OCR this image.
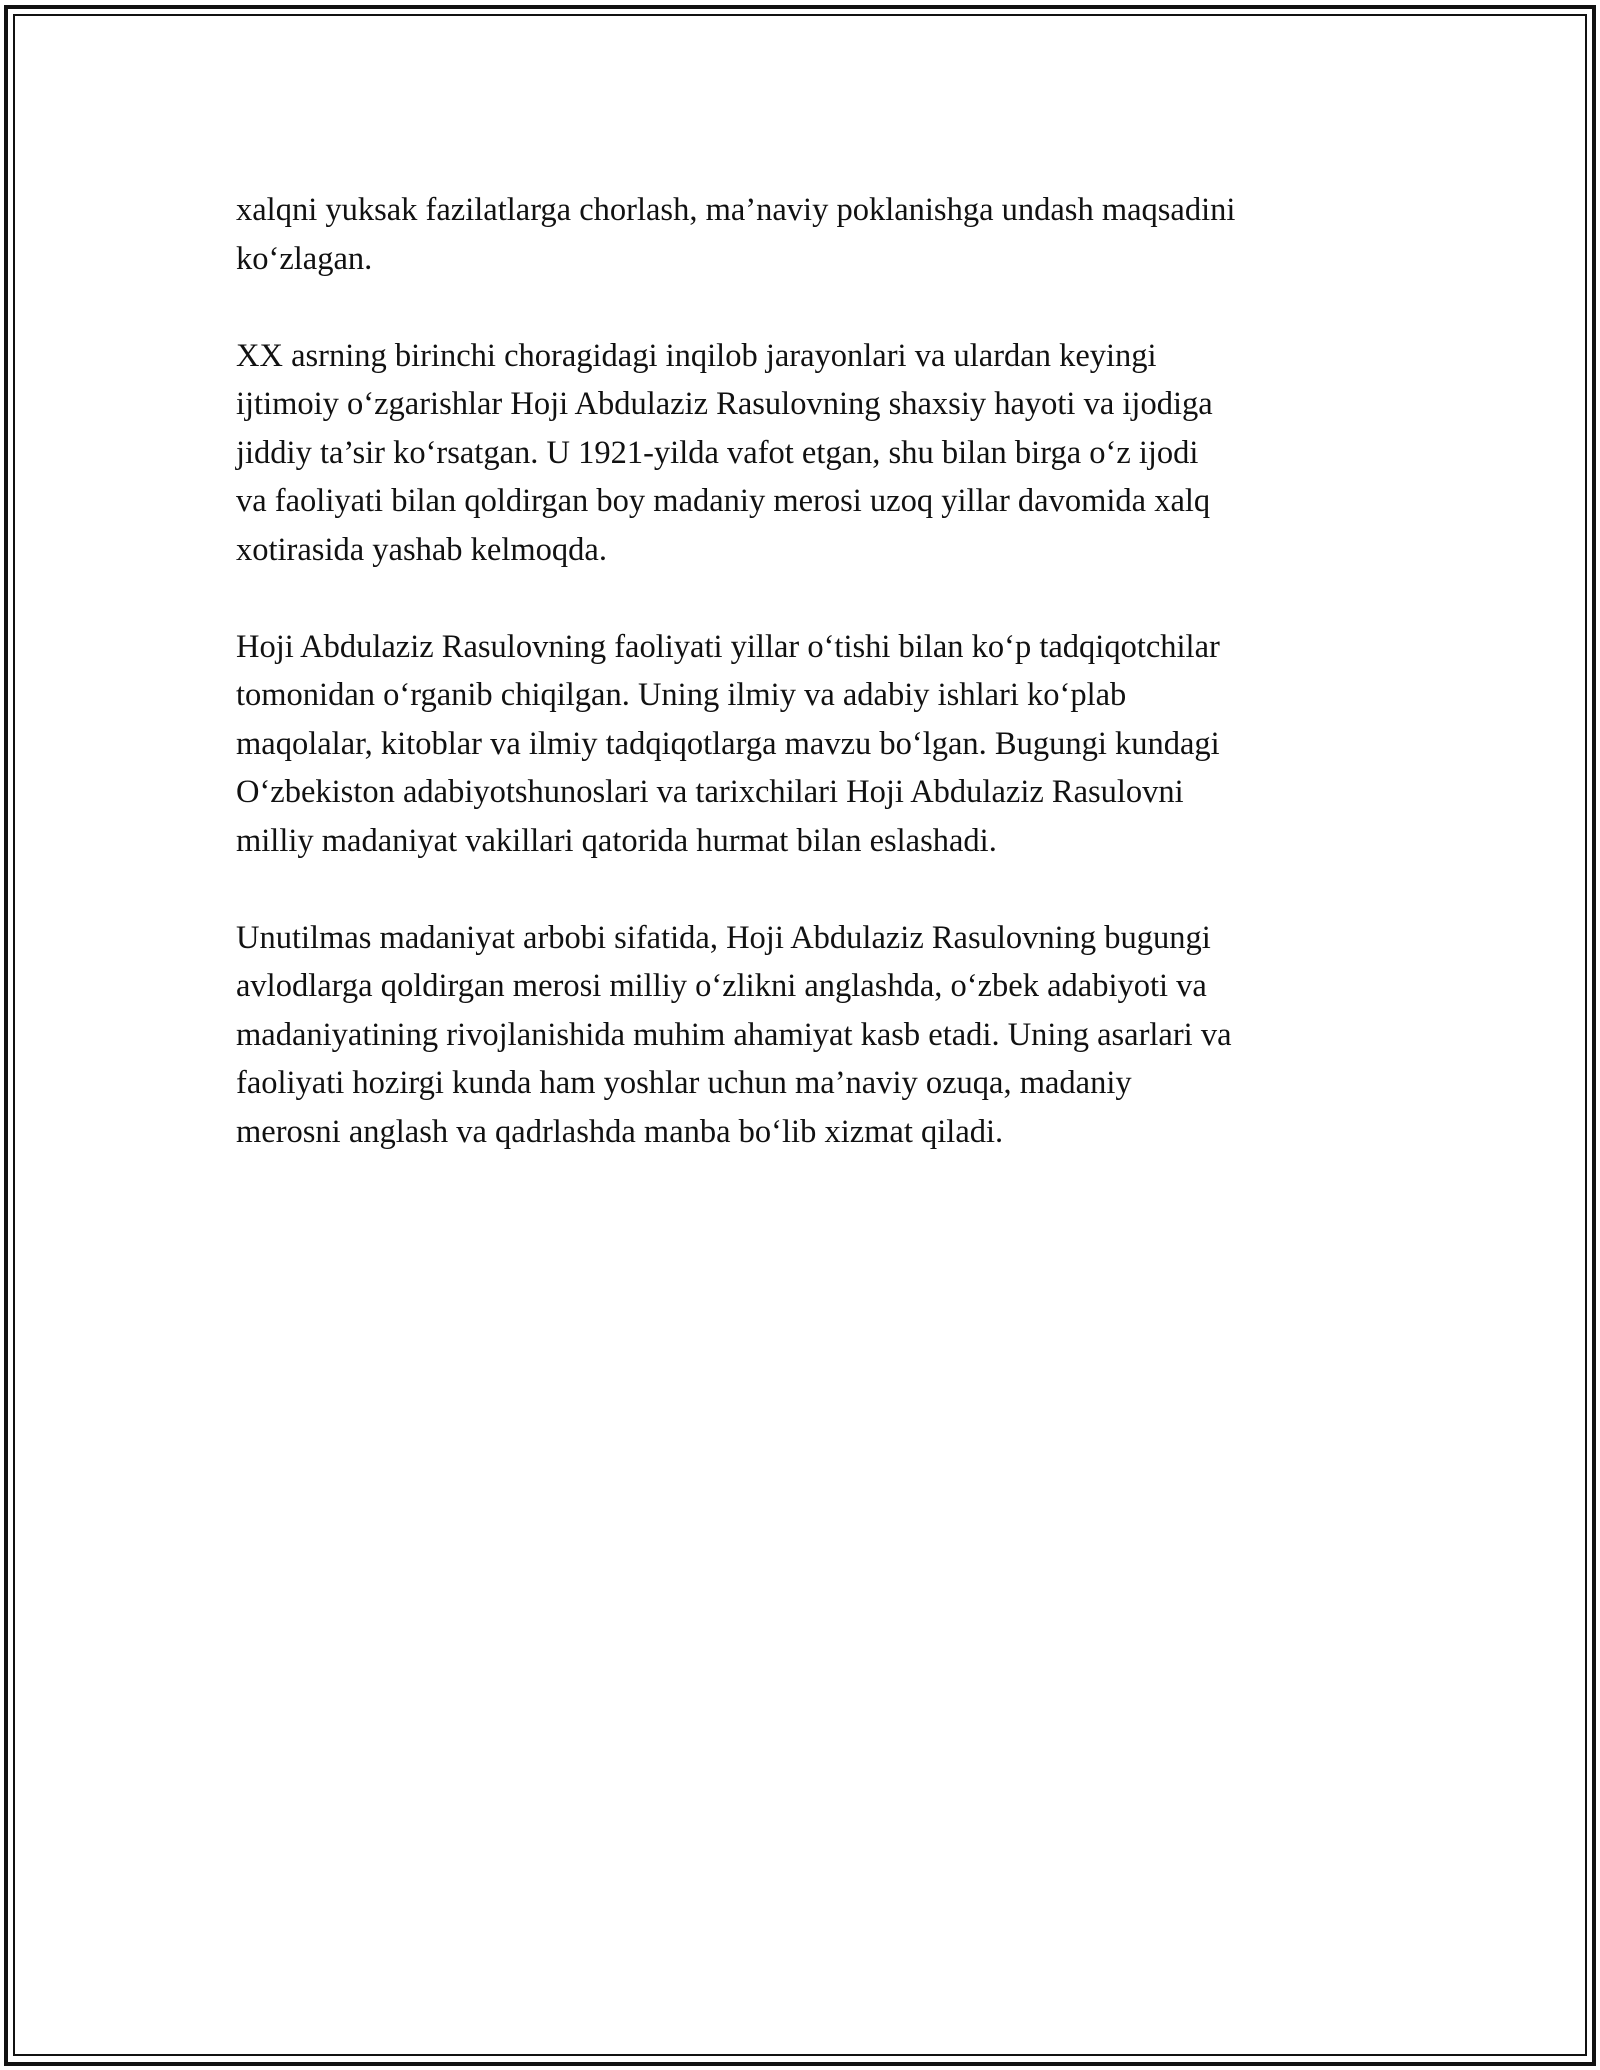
xalqni yuksak fazilatlarga chorlash, ma’naviy poklanishga undash maqsadini
ko‘zlagan.

XX asrning birinchi choragidagi inqilob jarayonlari va ulardan keyingi
ijtimoiy o‘zgarishlar Hoji Abdulaziz Rasulovning shaxsiy hayoti va ijodiga
jiddiy ta’sir ko‘rsatgan. U 1921-yilda vafot etgan, shu bilan birga o‘z ijodi
va faoliyati bilan qoldirgan boy madaniy merosi uzoq yillar davomida xalq
xotirasida yashab kelmoqda.

Hoji Abdulaziz Rasulovning faoliyati yillar o‘tishi bilan ko‘p tadqiqotchilar
tomonidan o‘rganib chiqilgan. Uning ilmiy va adabiy ishlari ko‘plab
maqolalar, kitoblar va ilmiy tadqiqotlarga mavzu bo‘lgan. Bugungi kundagi
O‘zbekiston adabiyotshunoslari va tarixchilari Hoji Abdulaziz Rasulovni
milliy madaniyat vakillari qatorida hurmat bilan eslashadi.

Unutilmas madaniyat arbobi sifatida, Hoji Abdulaziz Rasulovning bugungi
avlodlarga qoldirgan merosi milliy o‘zlikni anglashda, o‘zbek adabiyoti va
madaniyatining rivojlanishida muhim ahamiyat kasb etadi. Uning asarlari va
faoliyati hozirgi kunda ham yoshlar uchun ma’naviy ozuqa, madaniy
merosni anglash va qadrlashda manba bo‘lib xizmat qiladi.
